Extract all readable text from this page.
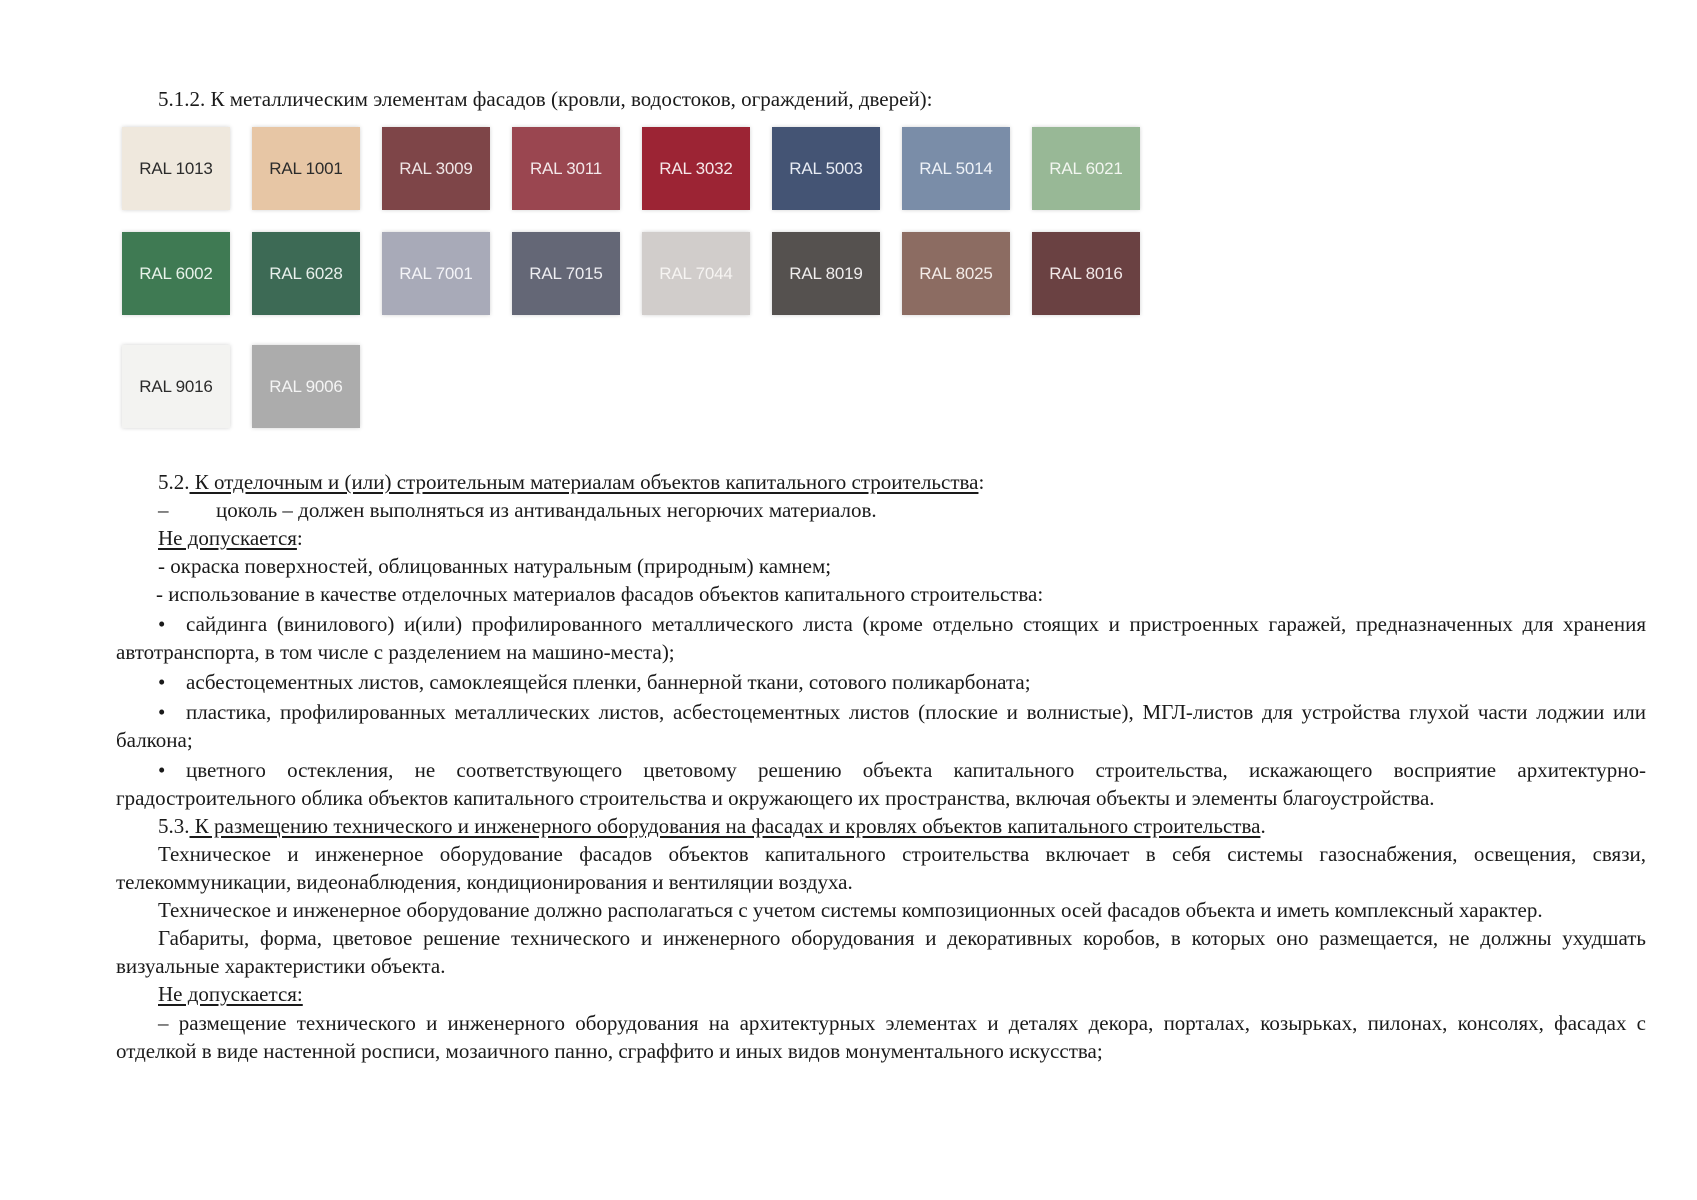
5.1.2. К металлическим элементам фасадов (кровли, водостоков, ограждений, дверей):
RAL 1013	RAL 1001	RAL 3009	RAL 3011	RAL 3032	RAL 5003	RAL 5014	RAL 6021
RAL 6002	RAL 6028	RAL 7001	RAL 7015	RAL 7044	RAL 8019	RAL 8025	RAL 8016
RAL 9016	RAL 9006

5.2. К отделочным и (или) строительным материалам объектов капитального строительства:

– цоколь – должен выполняться из антивандальных негорючих материалов.

Не допускается:

- окраска поверхностей, облицованных натуральным (природным) камнем;

- использование в качестве отделочных материалов фасадов объектов капитального строительства:

• сайдинга (винилового) и(или) профилированного металлического листа (кроме отдельно стоящих и пристроенных гаражей, предназначенных для хранения автотранспорта, в том числе с разделением на машино-места);

• асбестоцементных листов, самоклеящейся пленки, баннерной ткани, сотового поликарбоната;

• пластика, профилированных металлических листов, асбестоцементных листов (плоские и волнистые), МГЛ-листов для устройства глухой части лоджии или балкона;

• цветного остекления, не соответствующего цветовому решению объекта капитального строительства, искажающего восприятие архитектурно-градостроительного облика объектов капитального строительства и окружающего их пространства, включая объекты и элементы благоустройства.

5.3. К размещению технического и инженерного оборудования на фасадах и кровлях объектов капитального строительства.

Техническое и инженерное оборудование фасадов объектов капитального строительства включает в себя системы газоснабжения, освещения, связи, телекоммуникации, видеонаблюдения, кондиционирования и вентиляции воздуха.

Техническое и инженерное оборудование должно располагаться с учетом системы композиционных осей фасадов объекта и иметь комплексный характер.

Габариты, форма, цветовое решение технического и инженерного оборудования и декоративных коробов, в которых оно размещается, не должны ухудшать визуальные характеристики объекта.

Не допускается:

– размещение технического и инженерного оборудования на архитектурных элементах и деталях декора, порталах, козырьках, пилонах, консолях, фасадах с отделкой в виде настенной росписи, мозаичного панно, сграффито и иных видов монументального искусства;
